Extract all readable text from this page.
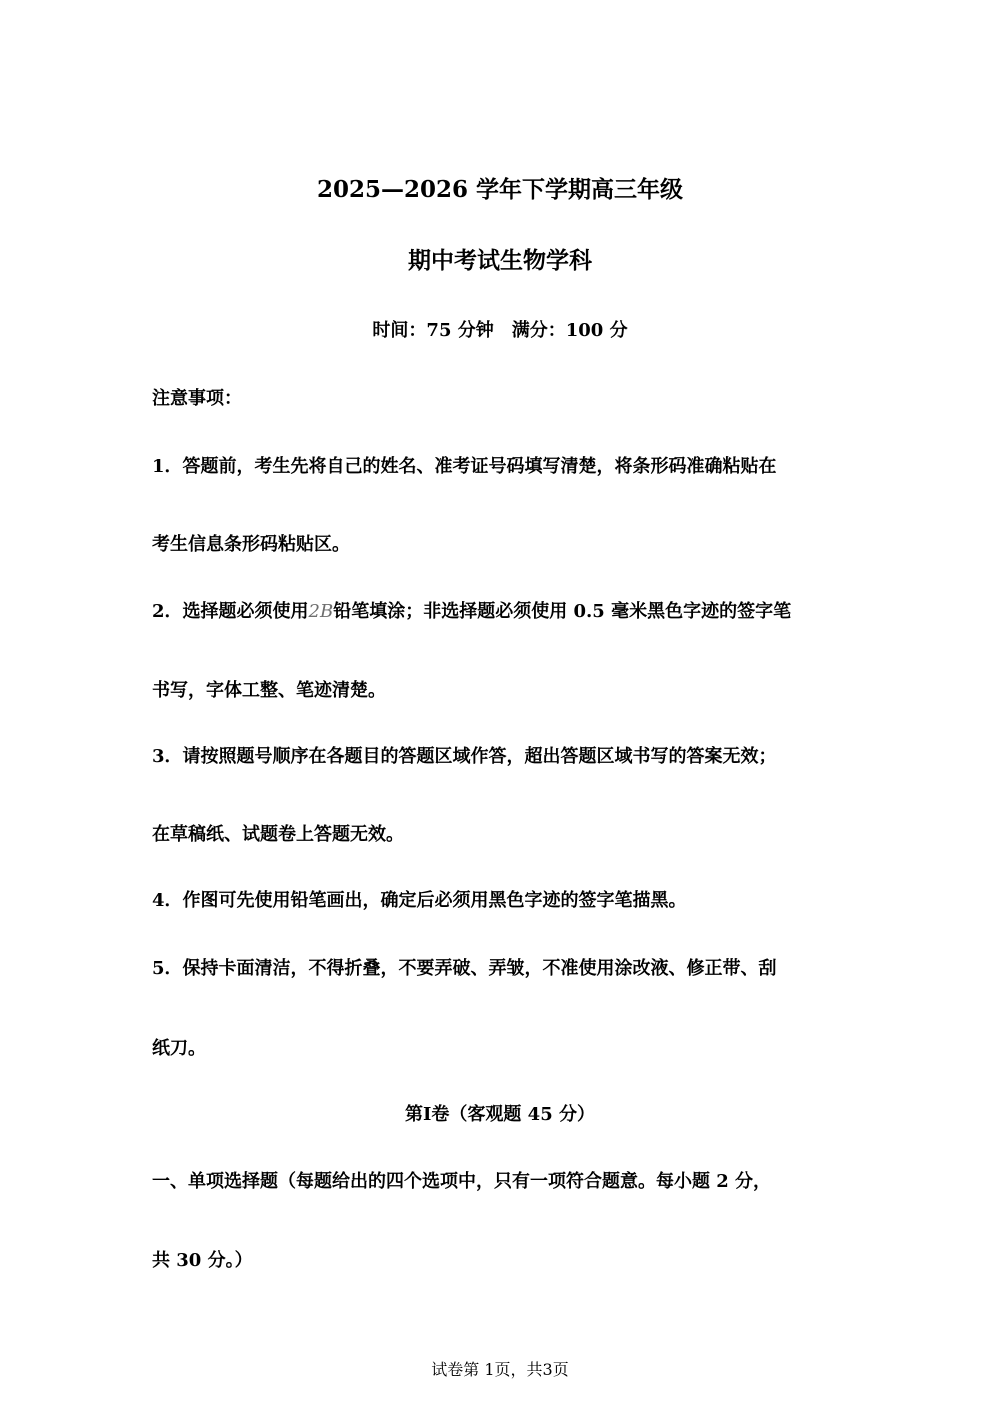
2025—2026 学年下学期高三年级
期中考试生物学科
时间：75 分钟　满分：100 分
注意事项：
1．答题前，考生先将自己的姓名、准考证号码填写清楚，将条形码准确粘贴在
考生信息条形码粘贴区。
2．选择题必须使用2B铅笔填涂；非选择题必须使用 0.5 毫米黑色字迹的签字笔
书写，字体工整、笔迹清楚。
3．请按照题号顺序在各题目的答题区域作答，超出答题区域书写的答案无效；
在草稿纸、试题卷上答题无效。
4．作图可先使用铅笔画出，确定后必须用黑色字迹的签字笔描黑。
5．保持卡面清洁，不得折叠，不要弄破、弄皱，不准使用涂改液、修正带、刮
纸刀。
第Ⅰ卷（客观题 45 分）
一、单项选择题（每题给出的四个选项中，只有一项符合题意。每小题 2 分，
共 30 分。）
试卷第 1页，共3页
